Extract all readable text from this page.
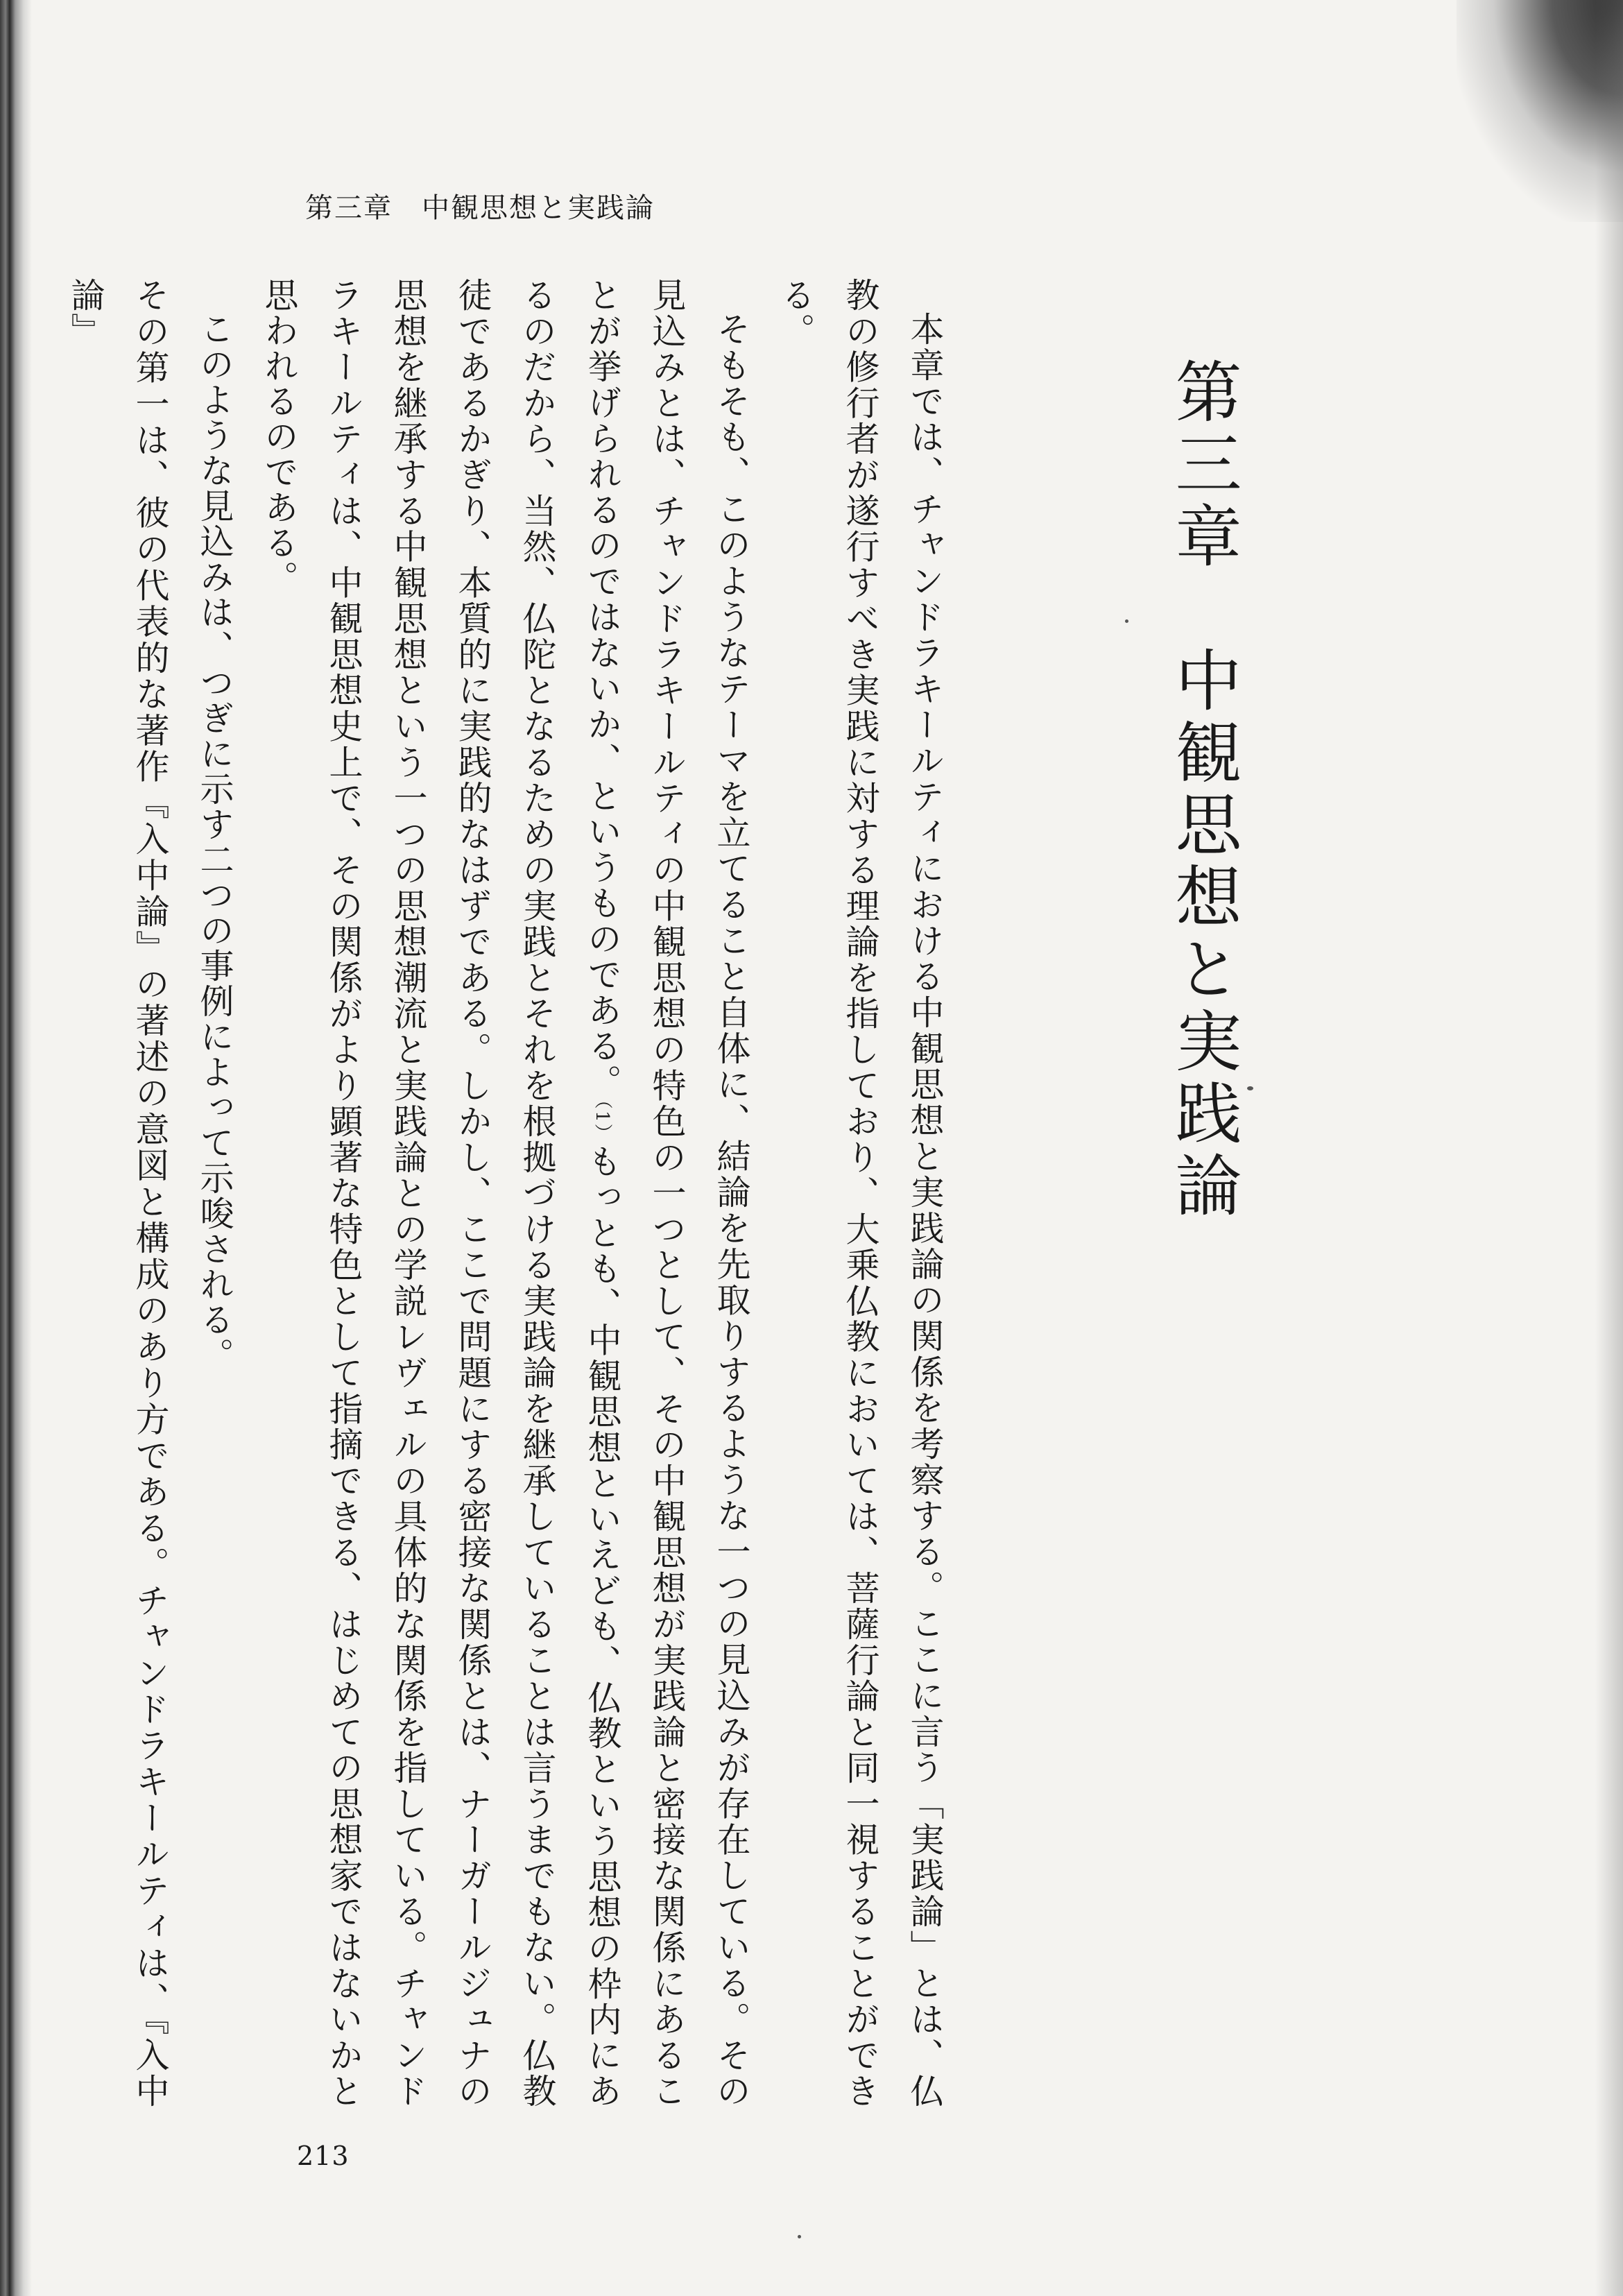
第三章　中観思想と実践論
第三章　中観思想と実践論

本章では、チャンドラキールティにおける中観思想と実践論の関係を考察する。ここに言う「実践論」とは、仏教の修行者が遂行すべき実践に対する理論を指しており、大乗仏教においては、菩薩行論と同一視することができる。

そもそも、このようなテーマを立てること自体に、結論を先取りするような一つの見込みが存在している。その見込みとは、チャンドラキールティの中観思想の特色の一つとして、その中観思想が実践論と密接な関係にあることが挙げられるのではないか、というものである。（1）もっとも、中観思想といえども、仏教という思想の枠内にあるのだから、当然、仏陀となるための実践とそれを根拠づける実践論を継承していることは言うまでもない。仏教徒であるかぎり、本質的に実践的なはずである。しかし、ここで問題にする密接な関係とは、ナーガールジュナの思想を継承する中観思想という一つの思想潮流と実践論との学説レヴェルの具体的な関係を指している。チャンドラキールティは、中観思想史上で、その関係がより顕著な特色として指摘できる、はじめての思想家ではないかと思われるのである。

このような見込みは、つぎに示す二つの事例によって示唆される。

その第一は、彼の代表的な著作『入中論』の著述の意図と構成のあり方である。チャンドラキールティは、『入中論』

213
